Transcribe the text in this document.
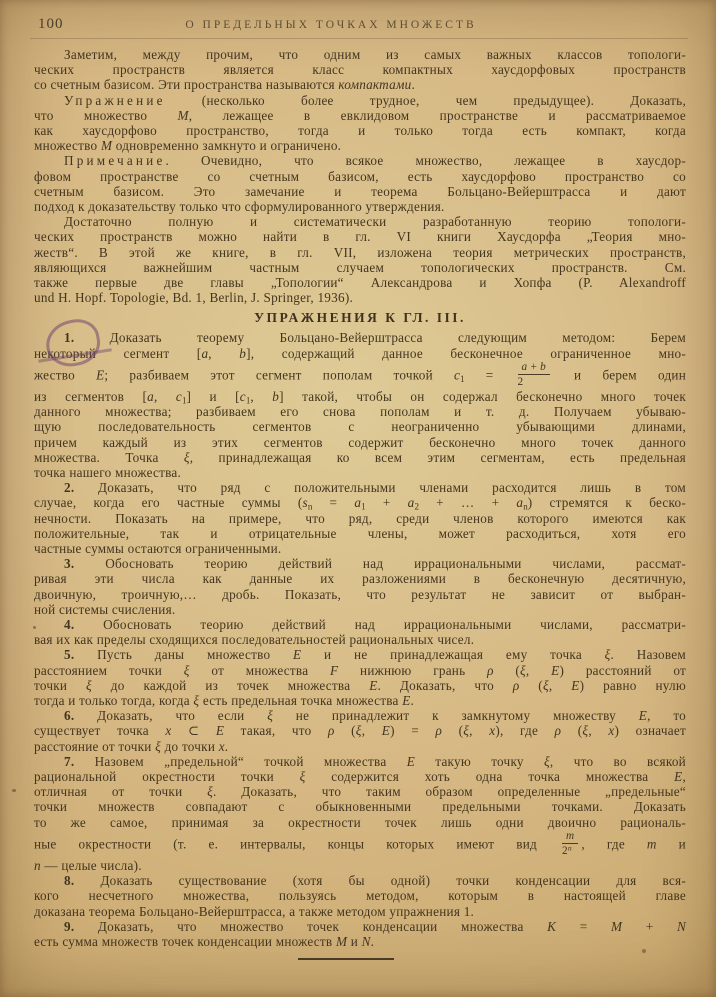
100	О ПРЕДЕЛЬНЫХ ТОЧКАХ МНОЖЕСТВ
Заметим, между прочим, что одним из самых важных классов топологи-
ческих пространств является класс компактных хаусдорфовых пространств
со счетным базисом. Эти пространства называются компактами.
Упражнение (несколько более трудное, чем предыдущее). Доказать,
что множество M, лежащее в евклидовом пространстве и рассматриваемое
как хаусдорфово пространство, тогда и только тогда есть компакт, когда
множество M одновременно замкнуто и ограничено.
Примечание. Очевидно, что всякое множество, лежащее в хаусдор-
фовом пространстве со счетным базисом, есть хаусдорфово пространство со
счетным базисом. Это замечание и теорема Больцано-Вейерштрасса и дают
подход к доказательству только что сформулированного утверждения.
Достаточно полную и систематически разработанную теорию топологи-
ческих пространств можно найти в гл. VI книги Хаусдорфа „Теория мно-
жеств“. В этой же книге, в гл. VII, изложена теория метрических пространств,
являющихся важнейшим частным случаем топологических пространств. См.
также первые две главы „Топологии“ Александрова и Хопфа (P. Alexandroff
und H. Hopf. Topologie, Bd. 1, Berlin, J. Springer, 1936).
УПРАЖНЕНИЯ К ГЛ. III.
1. Доказать теорему Больцано-Вейерштрасса следующим методом: Берем
некоторый сегмент [a, b], содержащий данное бесконечное ограниченное мно-
жество E; разбиваем этот сегмент пополам точкой $c_1 = \frac{a + b}{2}$ и берем один
из сегментов [a, $c_1$] и [$c_1$, b] такой, чтобы он содержал бесконечно много точек
данного множества; разбиваем его снова пополам и т. д. Получаем убываю-
щую последовательность сегментов с неограниченно убывающими длинами,
причем каждый из этих сегментов содержит бесконечно много точек данного
множества. Точка ξ, принадлежащая ко всем этим сегментам, есть предельная
точка нашего множества.
2. Доказать, что ряд с положительными членами расходится лишь в том
случае, когда его частные суммы ($s_n = a_1 + a_2$ + … + $a_n$) стремятся к беско-
нечности. Показать на примере, что ряд, среди членов которого имеются как
положительные, так и отрицательные члены, может расходиться, хотя его
частные суммы остаются ограниченными.
3. Обосновать теорию действий над иррациональными числами, рассмат-
ривая эти числа как данные их разложениями в бесконечную десятичную,
двоичную, троичную,… дробь. Показать, что результат не зависит от выбран-
ной системы счисления.
4. Обосновать теорию действий над иррациональными числами, рассматри-
вая их как пределы сходящихся последовательностей рациональных чисел.
5. Пусть даны множество E и не принадлежащая ему точка ξ. Назовем
расстоянием точки ξ от множества F нижнюю грань ρ (ξ, E) расстояний от
точки ξ до каждой из точек множества E. Доказать, что ρ (ξ, E) равно нулю
тогда и только тогда, когда ξ есть предельная точка множества E.
6. Доказать, что если ξ не принадлежит к замкнутому множеству E, то
существует точка x ⊂ E такая, что ρ (ξ, E) = ρ (ξ, x), где ρ (ξ, x) означает
расстояние от точки ξ до точки x.
7. Назовем „предельной“ точкой множества E такую точку ξ, что во всякой
рациональной окрестности точки ξ содержится хоть одна точка множества E,
отличная от точки ξ. Доказать, что таким образом определенные „предельные“
точки множеств совпадают с обыкновенными предельными точками. Доказать
то же самое, принимая за окрестности точек лишь одни двоично рациональ-
ные окрестности (т. е. интервалы, концы которых имеют вид $\frac{m}{2^n}$ , где m и
n — целые числа).
8. Доказать существование (хотя бы одной) точки конденсации для вся-
кого несчетного множества, пользуясь методом, которым в настоящей главе
доказана теорема Больцано-Вейерштрасса, а также методом упражнения 1.
9. Доказать, что множество точек конденсации множества K = M + N
есть сумма множеств точек конденсации множеств M и N.
